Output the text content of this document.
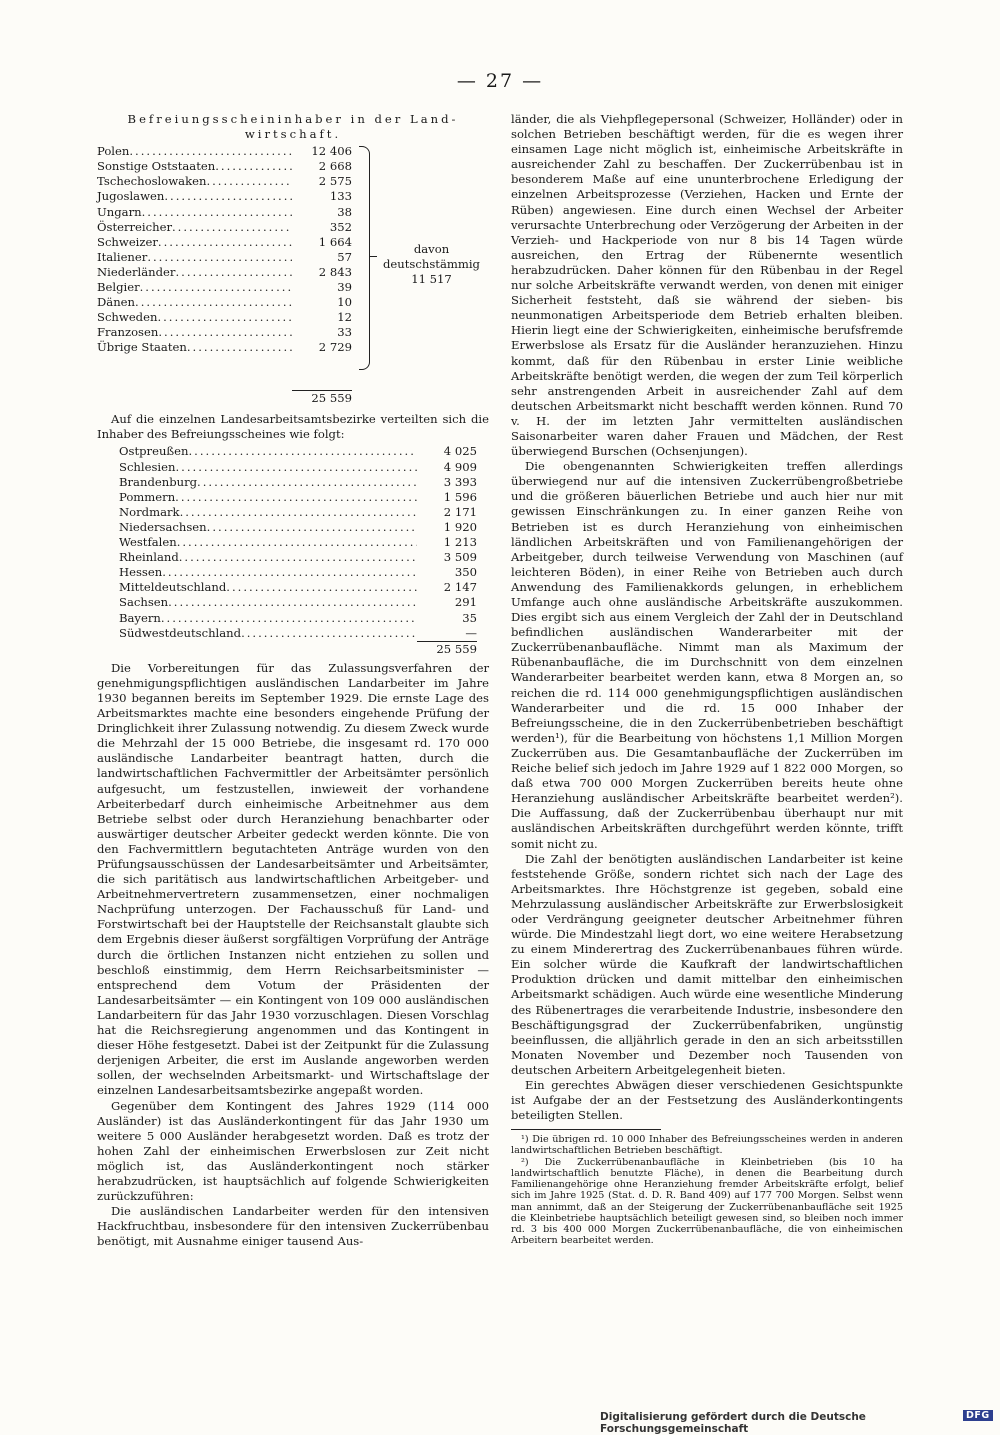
— 27 —
Befreiungsscheininhaber in der Land-wirtschaft.
Polen .....	12 406
Sonstige Oststaaten .....	2 668
Tschechoslowaken .....	2 575
Jugoslawen .....	133
Ungarn .....	38
Österreicher .....	352
Schweizer .....	1 664
Italiener .....	57
Niederländer .....	2 843
Belgier .....	39
Dänen .....	10
Schweden .....	12
Franzosen .....	33
Übrige Staaten .....	2 729
davon
deutschstämmig
11 517
25 559

Auf die einzelnen Landesarbeitsamtsbezirke verteilten sich die Inhaber des Befreiungsscheines wie folgt:

Ostpreußen .....	4 025
Schlesien .....	4 909
Brandenburg .....	3 393
Pommern .....	1 596
Nordmark .....	2 171
Niedersachsen .....	1 920
Westfalen .....	1 213
Rheinland .....	3 509
Hessen .....	350
Mitteldeutschland .....	2 147
Sachsen .....	291
Bayern .....	35
Südwestdeutschland .....	—
25 559

Die Vorbereitungen für das Zulassungsverfahren der genehmigungspflichtigen ausländischen Landarbeiter im Jahre 1930 begannen bereits im September 1929. Die ernste Lage des Arbeitsmarktes machte eine besonders eingehende Prüfung der Dringlichkeit ihrer Zulassung notwendig. Zu diesem Zweck wurde die Mehrzahl der 15 000 Betriebe, die insgesamt rd. 170 000 ausländische Landarbeiter beantragt hatten, durch die landwirtschaftlichen Fachvermittler der Arbeitsämter persönlich aufgesucht, um festzustellen, inwieweit der vorhandene Arbeiterbedarf durch einheimische Arbeitnehmer aus dem Betriebe selbst oder durch Heranziehung benachbarter oder auswärtiger deutscher Arbeiter gedeckt werden könnte. Die von den Fachvermittlern begutachteten Anträge wurden von den Prüfungsausschüssen der Landesarbeitsämter und Arbeitsämter, die sich paritätisch aus landwirtschaftlichen Arbeitgeber- und Arbeitnehmervertretern zusammensetzen, einer nochmaligen Nachprüfung unterzogen. Der Fachausschuß für Land- und Forstwirtschaft bei der Hauptstelle der Reichsanstalt glaubte sich dem Ergebnis dieser äußerst sorgfältigen Vorprüfung der Anträge durch die örtlichen Instanzen nicht entziehen zu sollen und beschloß einstimmig, dem Herrn Reichsarbeitsminister — entsprechend dem Votum der Präsidenten der Landesarbeitsämter — ein Kontingent von 109 000 ausländischen Landarbeitern für das Jahr 1930 vorzuschlagen. Diesen Vorschlag hat die Reichsregierung angenommen und das Kontingent in dieser Höhe festgesetzt. Dabei ist der Zeitpunkt für die Zulassung derjenigen Arbeiter, die erst im Auslande angeworben werden sollen, der wechselnden Arbeitsmarkt- und Wirtschaftslage der einzelnen Landesarbeitsamtsbezirke angepaßt worden.

Gegenüber dem Kontingent des Jahres 1929 (114 000 Ausländer) ist das Ausländerkontingent für das Jahr 1930 um weitere 5 000 Ausländer herabgesetzt worden. Daß es trotz der hohen Zahl der einheimischen Erwerbslosen zur Zeit nicht möglich ist, das Ausländerkontingent noch stärker herabzudrücken, ist hauptsächlich auf folgende Schwierigkeiten zurückzuführen:

Die ausländischen Landarbeiter werden für den intensiven Hackfruchtbau, insbesondere für den intensiven Zuckerrübenbau benötigt, mit Ausnahme einiger tausend Aus-

länder, die als Viehpflegepersonal (Schweizer, Holländer) oder in solchen Betrieben beschäftigt werden, für die es wegen ihrer einsamen Lage nicht möglich ist, einheimische Arbeitskräfte in ausreichender Zahl zu beschaffen. Der Zuckerrübenbau ist in besonderem Maße auf eine ununterbrochene Erledigung der einzelnen Arbeitsprozesse (Verziehen, Hacken und Ernte der Rüben) angewiesen. Eine durch einen Wechsel der Arbeiter verursachte Unterbrechung oder Verzögerung der Arbeiten in der Verzieh- und Hackperiode von nur 8 bis 14 Tagen würde ausreichen, den Ertrag der Rübenernte wesentlich herabzudrücken. Daher können für den Rübenbau in der Regel nur solche Arbeitskräfte verwandt werden, von denen mit einiger Sicherheit feststeht, daß sie während der sieben- bis neunmonatigen Arbeitsperiode dem Betrieb erhalten bleiben. Hierin liegt eine der Schwierigkeiten, einheimische berufsfremde Erwerbslose als Ersatz für die Ausländer heranzuziehen. Hinzu kommt, daß für den Rübenbau in erster Linie weibliche Arbeitskräfte benötigt werden, die wegen der zum Teil körperlich sehr anstrengenden Arbeit in ausreichender Zahl auf dem deutschen Arbeitsmarkt nicht beschafft werden können. Rund 70 v. H. der im letzten Jahr vermittelten ausländischen Saisonarbeiter waren daher Frauen und Mädchen, der Rest überwiegend Burschen (Ochsenjungen).

Die obengenannten Schwierigkeiten treffen allerdings überwiegend nur auf die intensiven Zuckerrübengroßbetriebe und die größeren bäuerlichen Betriebe und auch hier nur mit gewissen Einschränkungen zu. In einer ganzen Reihe von Betrieben ist es durch Heranziehung von einheimischen ländlichen Arbeitskräften und von Familienangehörigen der Arbeitgeber, durch teilweise Verwendung von Maschinen (auf leichteren Böden), in einer Reihe von Betrieben auch durch Anwendung des Familienakkords gelungen, in erheblichem Umfange auch ohne ausländische Arbeitskräfte auszukommen. Dies ergibt sich aus einem Vergleich der Zahl der in Deutschland befindlichen ausländischen Wanderarbeiter mit der Zuckerrübenanbaufläche. Nimmt man als Maximum der Rübenanbaufläche, die im Durchschnitt von dem einzelnen Wanderarbeiter bearbeitet werden kann, etwa 8 Morgen an, so reichen die rd. 114 000 genehmigungspflichtigen ausländischen Wanderarbeiter und die rd. 15 000 Inhaber der Befreiungsscheine, die in den Zuckerrübenbetrieben beschäftigt werden¹), für die Bearbeitung von höchstens 1,1 Million Morgen Zuckerrüben aus. Die Gesamtanbaufläche der Zuckerrüben im Reiche belief sich jedoch im Jahre 1929 auf 1 822 000 Morgen, so daß etwa 700 000 Morgen Zuckerrüben bereits heute ohne Heranziehung ausländischer Arbeitskräfte bearbeitet werden²). Die Auffassung, daß der Zuckerrübenbau überhaupt nur mit ausländischen Arbeitskräften durchgeführt werden könnte, trifft somit nicht zu.

Die Zahl der benötigten ausländischen Landarbeiter ist keine feststehende Größe, sondern richtet sich nach der Lage des Arbeitsmarktes. Ihre Höchstgrenze ist gegeben, sobald eine Mehrzulassung ausländischer Arbeitskräfte zur Erwerbslosigkeit oder Verdrängung geeigneter deutscher Arbeitnehmer führen würde. Die Mindestzahl liegt dort, wo eine weitere Herabsetzung zu einem Minderertrag des Zuckerrübenanbaues führen würde. Ein solcher würde die Kaufkraft der landwirtschaftlichen Produktion drücken und damit mittelbar den einheimischen Arbeitsmarkt schädigen. Auch würde eine wesentliche Minderung des Rübenertrages die verarbeitende Industrie, insbesondere den Beschäftigungsgrad der Zuckerrübenfabriken, ungünstig beeinflussen, die alljährlich gerade in den an sich arbeitsstillen Monaten November und Dezember noch Tausenden von deutschen Arbeitern Arbeitgelegenheit bieten.

Ein gerechtes Abwägen dieser verschiedenen Gesichtspunkte ist Aufgabe der an der Festsetzung des Ausländerkontingents beteiligten Stellen.

¹) Die übrigen rd. 10 000 Inhaber des Befreiungsscheines werden in anderen landwirtschaftlichen Betrieben beschäftigt.

²) Die Zuckerrübenanbaufläche in Kleinbetrieben (bis 10 ha landwirtschaftlich benutzte Fläche), in denen die Bearbeitung durch Familienangehörige ohne Heranziehung fremder Arbeitskräfte erfolgt, belief sich im Jahre 1925 (Stat. d. D. R. Band 409) auf 177 700 Morgen. Selbst wenn man annimmt, daß an der Steigerung der Zuckerrübenanbaufläche seit 1925 die Kleinbetriebe hauptsächlich beteiligt gewesen sind, so bleiben noch immer rd. 3 bis 400 000 Morgen Zuckerrübenanbaufläche, die von einheimischen Arbeitern bearbeitet werden.

Digitalisierung gefördert durch die Deutsche Forschungsgemeinschaft
DFG
